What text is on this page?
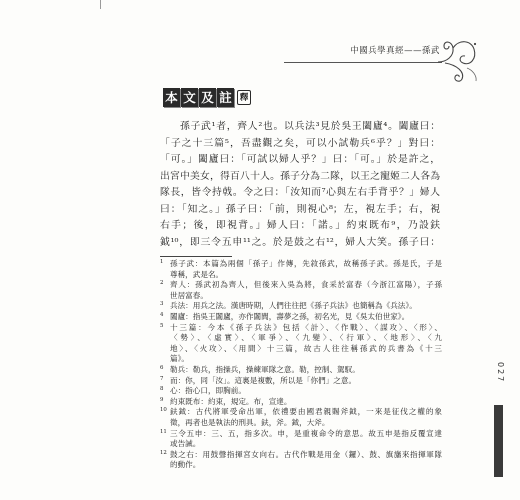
中國兵學真經——孫武
本 文 及 註 釋
孫子武¹者，齊人²也。以兵法³見於吳王闔廬⁴。闔廬曰：
「子之十三篇⁵，吾盡觀之矣，可以小試勒兵⁶乎？」對曰：
「可。」闔廬曰：「可試以婦人乎？」曰：「可。」於是許之，
出宮中美女，得百八十人。孫子分為二隊，以王之寵姬二人各為
隊長，皆令持戟。令之曰：「汝知而⁷心與左右手背乎？」婦人
曰：「知之。」孫子曰：「前，則視心⁸；左，視左手；右，視
右手；後，即視背。」婦人曰：「諾。」約束既布⁹，乃設鈇
鉞¹⁰，即三令五申¹¹之。於是鼓之右¹²，婦人大笑。孫子曰：
1 孫子武：本篇為兩個「孫子」作傳，先敘孫武，故稱孫子武。孫是氏，子是
尊稱，武是名。
2 齊人：孫武初為齊人，但後來入吳為將，食采於富春（今浙江富陽），子孫
世居富春。
3 兵法：用兵之法。漢唐時期，人們往往把《孫子兵法》也簡稱為《兵法》。
4 闔廬：指吳王闔廬，亦作闔閭，壽夢之孫，初名光，見《吳太伯世家》。
5 十三篇：今本《孫子兵法》包括〈計〉、〈作戰〉、〈謀攻〉、〈形〉、
〈勢〉、〈虛實〉、〈軍爭〉、〈九變〉、〈行軍〉、〈地形〉、〈九
地〉、〈火攻〉、〈用間〉十三篇，故古人往往稱孫武的兵書為《十三
篇》。
6 勒兵：勒兵，指操兵，操練軍隊之意。勒，控制、駕馭。
7 而：你，同「汝」。這裏是複數，所以是「你們」之意。
8 心：指心口，即胸前。
9 約束既布：約束，規定。布，宣達。
10 鈇鉞：古代將軍受命出軍，依禮要由國君親賜斧鉞，一來是征伐之權的象
徵，再者也是執法的刑具。鈇，斧。鉞，大斧。
11 三令五申：三、五，指多次。申，是重複命令的意思。故五申是指反覆宣達
或告誡。
12 鼓之右：用鼓聲指揮宮女向右。古代作戰是用金（鑼）、鼓、旗旛來指揮軍隊
的動作。
027
